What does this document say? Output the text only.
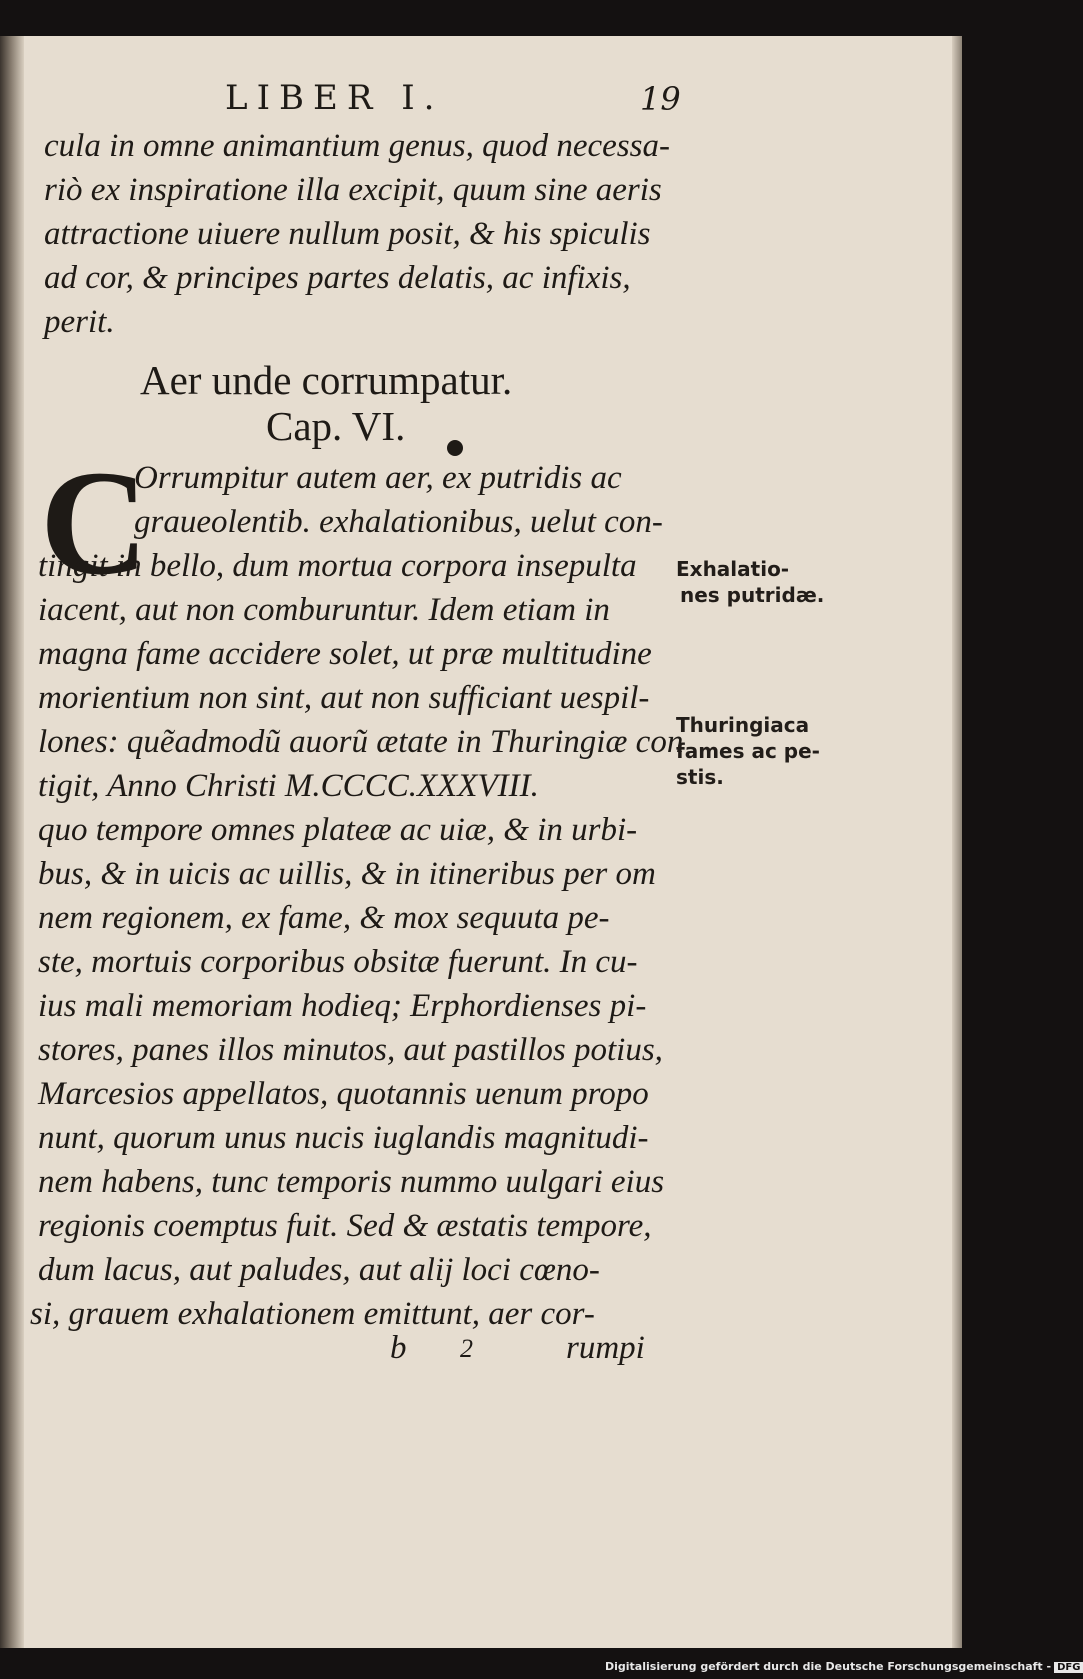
LIBER I.	19
cula in omne animantium genus, quod necessa-
riò ex inspiratione illa excipit, quum sine aeris
attractione uiuere nullum posit, & his spiculis
ad cor, & principes partes delatis, ac infixis,
perit.
Aer unde corrumpatur.
Cap. VI.
C
Orrumpitur autem aer, ex putridis ac
graueolentib. exhalationibus, uelut con-
tingit in bello, dum mortua corpora insepulta
iacent, aut non comburuntur. Idem etiam in
magna fame accidere solet, ut præ multitudine
morientium non sint, aut non sufficiant uespil-
lones: quẽadmodũ auorũ ætate in Thuringiæ con
tigit, Anno Christi M.CCCC.XXXVIII.
quo tempore omnes plateæ ac uiæ, & in urbi-
bus, & in uicis ac uillis, & in itineribus per om
nem regionem, ex fame, & mox sequuta pe-
ste, mortuis corporibus obsitæ fuerunt. In cu-
ius mali memoriam hodieq; Erphordienses pi-
stores, panes illos minutos, aut pastillos potius,
Marcesios appellatos, quotannis uenum propo
nunt, quorum unus nucis iuglandis magnitudi-
nem habens, tunc temporis nummo uulgari eius
regionis coemptus fuit. Sed & æstatis tempore,
dum lacus, aut paludes, aut alij loci cœno-
si, grauem exhalationem emittunt, aer cor-
b 2	rumpi
Exhalatio-
nes putridæ.
Thuringiaca
fames ac pe-
stis.
Digitalisierung gefördert durch die Deutsche Forschungsgemeinschaft - DFG
